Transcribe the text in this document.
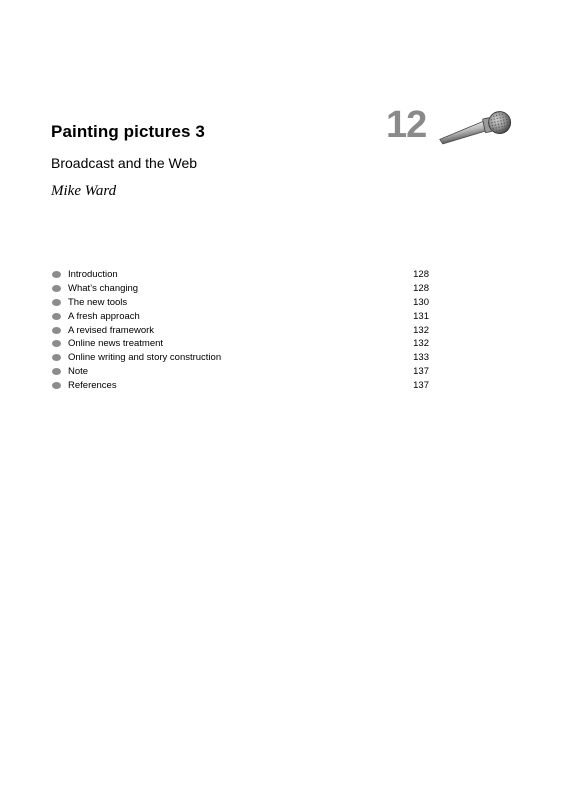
Painting pictures 3	12
Broadcast and the Web
Mike Ward
Introduction	128
What’s changing	128
The new tools	130
A fresh approach	131
A revised framework	132
Online news treatment	132
Online writing and story construction	133
Note	137
References	137
